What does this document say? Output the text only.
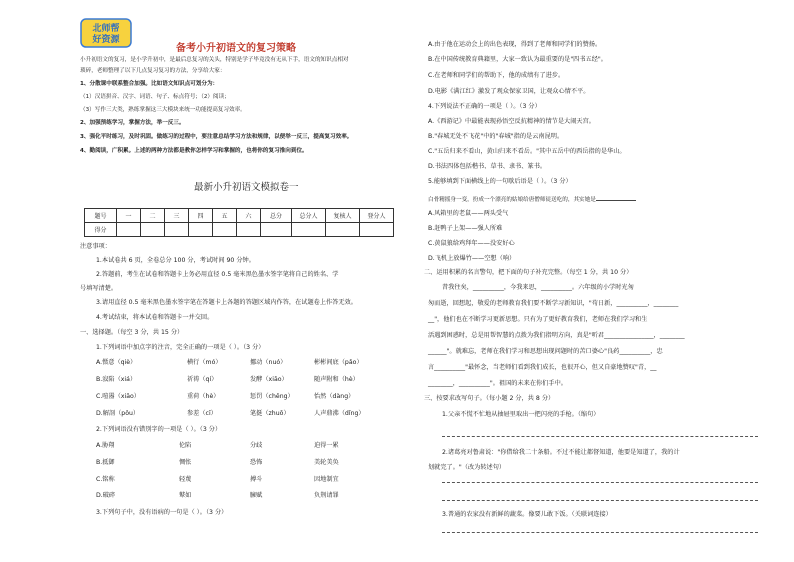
北师帮
好资源
备考小升初语文的复习策略
小升初语文的复习，是小学升初中，是最后总复习的关头，特别是学子毕竟没有无从下手，语文的知识点相对
琐碎，老师整理了以下几点复习复习的方法，分享给大家：
1、分散课中联系整合加强。比如语文知识点可划分为：
（1）汉语拼音、汉字、词语、句子、标点符号；（2）阅读；
（3）写作三大类，熟练掌握这三大模块来统一功能提高复习效率。
2、加强预练学习，掌握方法，举一反三。
3、强化平时练习，及时巩固。做练习的过程中，要注意总结学习方法和规律，以便举一反三，提高复习效率。
4、勤阅读，广积累。上述的两种方法都是教你怎样学习和掌握的，也将你的复习推向到位。
最新小升初语文模拟卷一
题号	一	二	三	四	五	六	总分	总分人	复核人	登分人
得分										
注意事项：
1.本试卷共 6 页，全卷总分 100 分，考试时间 90 分钟。
2.答题前，考生在试卷和答题卡上务必用直径 0.5 毫米黑色墨水签字笔将自己的姓名、学
号填写清楚。
3.请用直径 0.5 毫米黑色墨水签字笔在答题卡上各题的答题区域内作答，在试题卷上作答无效。
4.考试结束，将本试卷和答题卡一并交回。
一、选择题。（每空 3 分，共 15 分）
1.下列词语中加点字的注音，完全正确的一项是（ ）。（3 分）
A.慑意（qiè）	横行（mó）	挪动（nuó）	彬彬间底（pǎo）
B.寂陷（xiá）	祈祷（qí）	发酵（xiāo）	随声附和（hè）
C.喧嚣（xiāo）	重荷（hè）	惩罚（chěng）	怡然（dàng）
D.解剖（pǒu）	参差（cī）	笔挺（zhuō）	人声鼎沸（dǐng）
2.下列词语没有错别字的一项是（ ）。（3 分）
A.胁翔	伦陷	分歧	迫得一累
B.抵御	惆怅	恐怖	美轮美奂
C.铭称	轻蔑	搏斗	因地制宜
D.破碎	鼙如	臃赋	负荆请罪
3.下列句子中，没有语病的一句是（ ）。（3 分）
A.由于他在运动会上的出色表现，得到了老师和同学们的赞扬。
B.在中国传统教育典籍里，大家一致认为最重要的是"四书五经"。
C.在老师和同学们的帮助下，他的成绩有了进步。
D.电影《满江红》激发了观众保家卫国，让观众心情不平。
4.下列说法不正确的一项是（ ）。（3 分）
A.《西游记》中最能表现孙悟空反抗精神的情节是大闹天宫。
B."春城无处不飞花"中的"春城"指的是云南昆明。
C."五岳归来不看山，黄山归来不看岳。"其中五岳中的西岳指的是华山。
D.书法四体包括楷书、草书、隶书、篆书。
5.能够填到下面横线上的一句歇后语是（ ）。（3 分）
白骨精摇身一变，扮成一个漂亮的姑娘给唐僧师徒送吃的，其实她是
A.风箱里的老鼠——两头受气
B.赶鸭子上架——强人所难
C.黄鼠狼给鸡拜年——没安好心
D.飞机上放爆竹——空想（响）
二、运用积累的名言警句，把下面的句子补充完整。（每空 1 分，共 10 分）
昔我往矣，__________，今我来思，__________。六年级的小学时光匆
匆而逝，回想起，敬爱的老师教育我们要不断学习新知识，"苟日新，__________，________
__"，他们也在不断学习更新思想。只有为了更好教育我们，老师在我们学习和生
活遇到困惑时，总是用帮智慧的点拨为我们指明方向，真是"听君________________，________
______"。就难忘，老师在我们学习和思想出现问题时的苦口婆心"良药__________，忠
言__________"最怀念，当老师们看到我们成长，也很开心，但又自豪地赞叹"青，__
________，__________"。祖国的未来在你们手中。
三、按要求改写句子。（每小题 2 分，共 8 分）
1.父亲不慌不忙地从抽屉里取出一把闪亮的手枪。（缩句）
2.诸葛亮对鲁肃说："你借给我二十条船。不过不能让都督知道，他要是知道了，我的计
划就完了。"（改为转述句）
3.普通的农家没有新鲜的蔬菜。像要儿敢下饭。（关联词连接）
